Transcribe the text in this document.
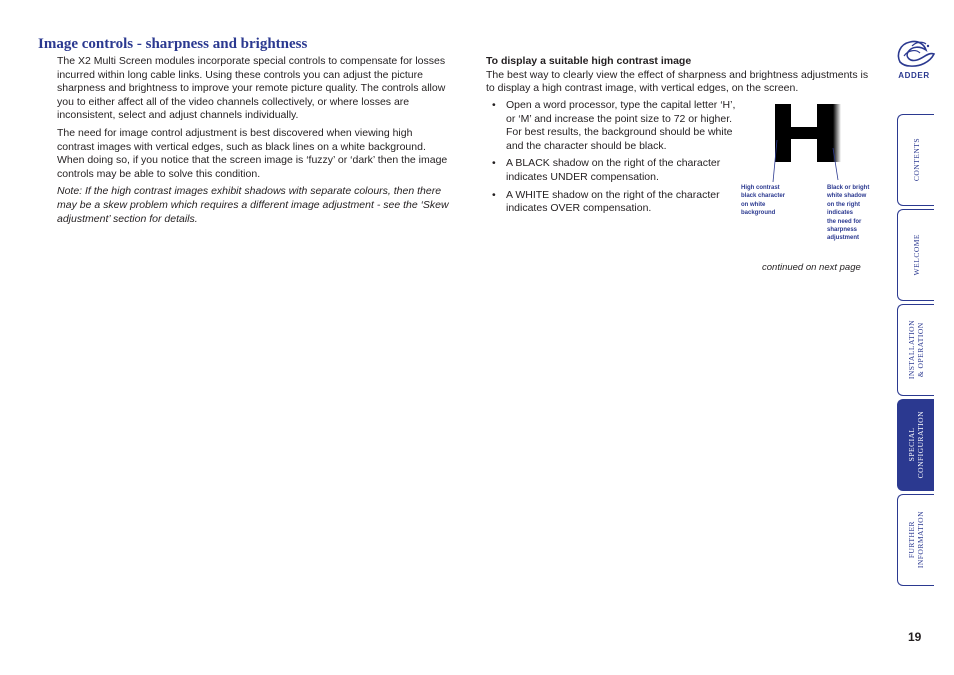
Image controls - sharpness and brightness

The X2 Multi Screen modules incorporate special controls to compensate for losses incurred within long cable links. Using these controls you can adjust the picture sharpness and brightness to improve your remote picture quality. The controls allow you to either affect all of the video channels collectively, or where losses are inconsistent, select and adjust channels individually.

The need for image control adjustment is best discovered when viewing high contrast images with vertical edges, such as black lines on a white background. When doing so, if you notice that the screen image is ‘fuzzy’ or ‘dark’ then the image controls may be able to solve this condition.

Note: If the high contrast images exhibit shadows with separate colours, then there may be a skew problem which requires a different image adjustment - see the ‘Skew adjustment’ section for details.

To display a suitable high contrast image

The best way to clearly view the effect of sharpness and brightness adjustments is to display a high contrast image, with vertical edges, on the screen.

• Open a word processor, type the capital letter ‘H’, or ‘M’ and increase the point size to 72 or higher. For best results, the background should be white and the character should be black.
• A BLACK shadow on the right of the character indicates UNDER compensation.
• A WHITE shadow on the right of the character indicates OVER compensation.
High contrast
black character
on white
background
Black or bright
white shadow
on the right
indicates
the need for
sharpness
adjustment
continued on next page
ADDER
CONTENTS
WELCOME
INSTALLATION
& OPERATION
SPECIAL
CONFIGURATION
FURTHER
INFORMATION
19
